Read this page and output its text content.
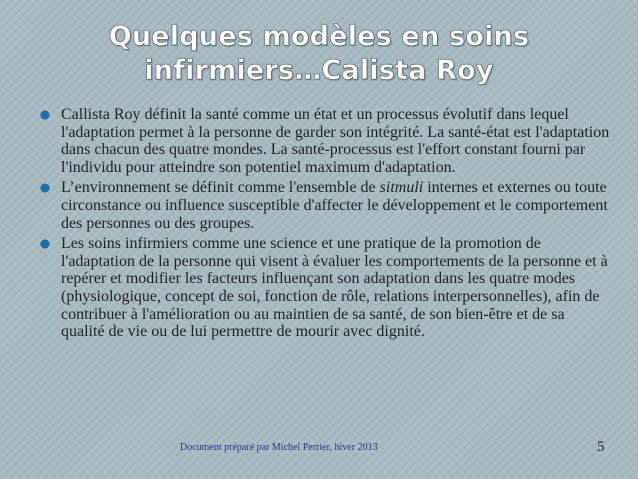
Quelques modèles en soins
infirmiers…Calista Roy
Callista Roy définit la santé comme un état et un processus évolutif dans lequel l'adaptation permet à la personne de garder son intégrité. La santé-état est l'adaptation dans chacun des quatre mondes. La santé-processus est l'effort constant fourni par l'individu pour atteindre son potentiel maximum d'adaptation.
L’environnement se définit comme l'ensemble de sitmuli internes et externes ou toute circonstance ou influence susceptible d'affecter le développement et le comportement des personnes ou des groupes.
Les soins infirmiers comme une science et une pratique de la promotion de l'adaptation de la personne qui visent à évaluer les comportements de la personne et à repérer et modifier les facteurs influençant son adaptation dans les quatre modes (physiologique, concept de soi, fonction de rôle, relations interpersonnelles), afin de contribuer à l'amélioration ou au maintien de sa santé, de son bien-être et de sa qualité de vie ou de lui permettre de mourir avec dignité.
Document préparé par Michel Perrier, hiver 2013	5
